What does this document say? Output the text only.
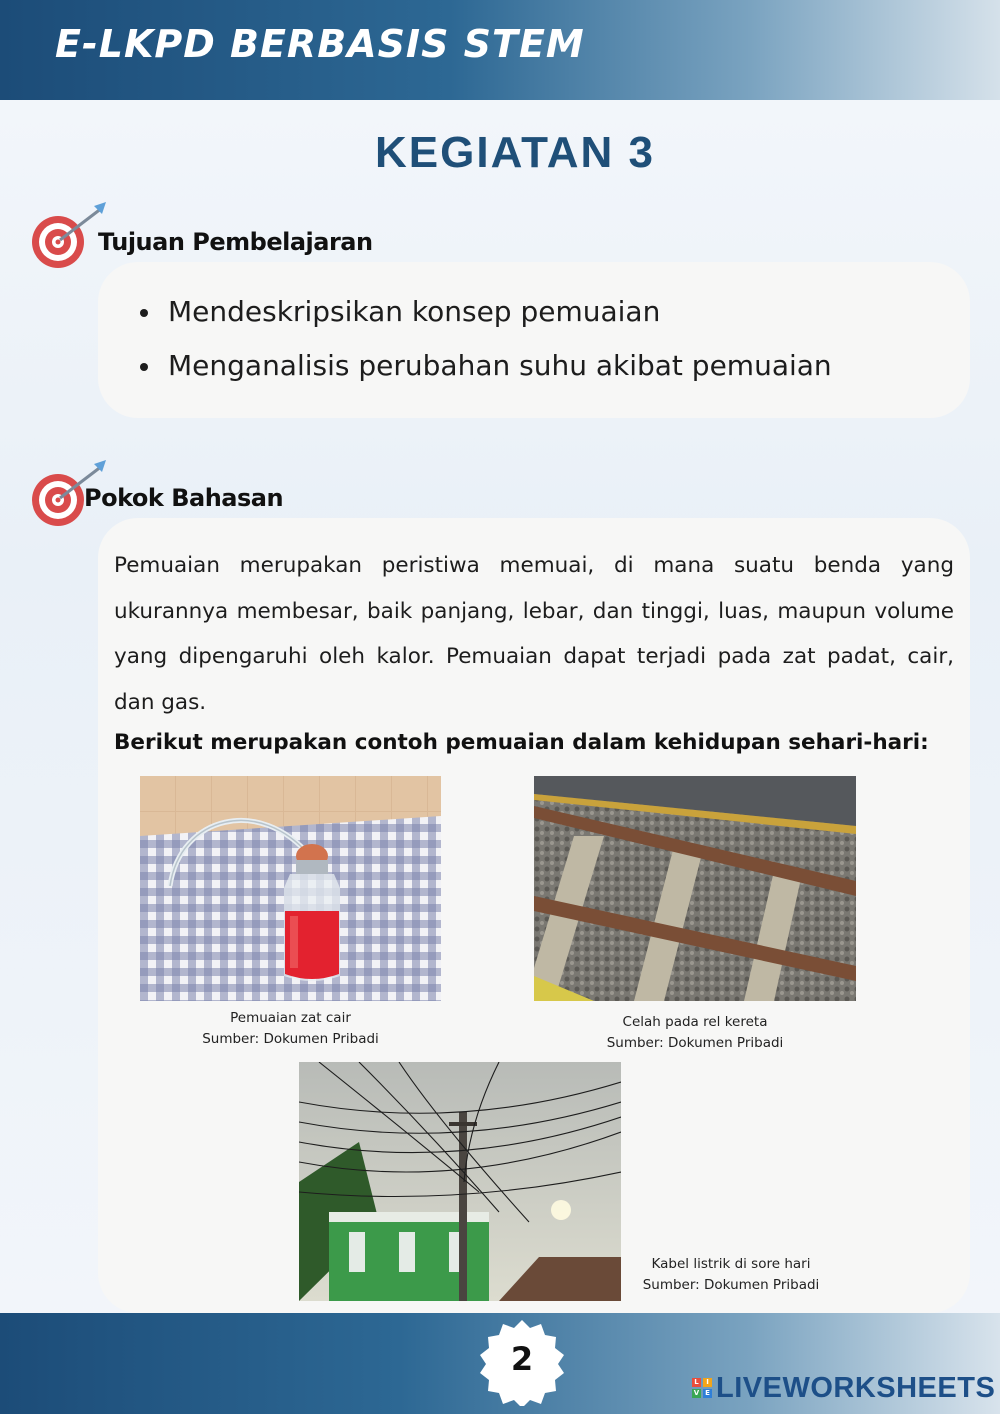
E-LKPD BERBASIS STEM
KEGIATAN 3
Tujuan Pembelajaran
Mendeskripsikan konsep pemuaian
Menganalisis perubahan suhu akibat pemuaian
Pokok Bahasan
Pemuaian merupakan peristiwa memuai, di mana suatu benda yang ukurannya membesar, baik panjang, lebar, dan tinggi, luas, maupun volume yang dipengaruhi oleh kalor. Pemuaian dapat terjadi pada zat padat, cair, dan gas.
Berikut merupakan contoh pemuaian dalam kehidupan sehari-hari:
Pemuaian zat cair
Sumber: Dokumen Pribadi
Celah pada rel kereta
Sumber: Dokumen Pribadi
Kabel listrik di sore hari
Sumber: Dokumen Pribadi
2
L	I
V E LIVEWORKSHEETS
